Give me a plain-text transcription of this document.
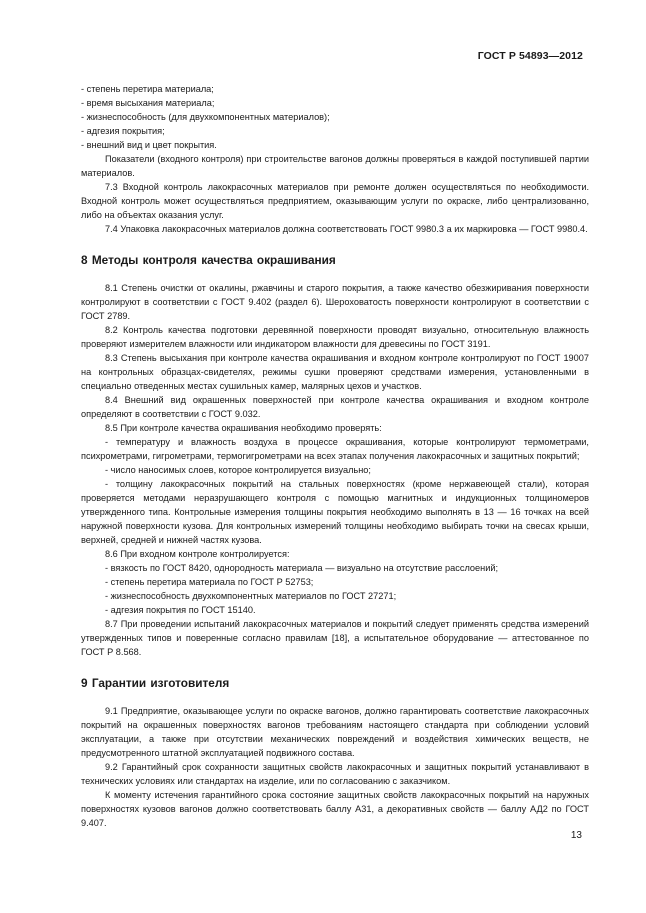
ГОСТ Р 54893—2012

- степень перетира материала;

- время высыхания материала;

- жизнеспособность (для двухкомпонентных материалов);

- адгезия покрытия;

- внешний вид и цвет покрытия.

Показатели (входного контроля) при строительстве вагонов должны проверяться в каждой поступившей партии материалов.

7.3 Входной контроль лакокрасочных материалов при ремонте должен осуществляться по необходимости. Входной контроль может осуществляться предприятием, оказывающим услуги по окраске, либо централизованно, либо на объектах оказания услуг.

7.4 Упаковка лакокрасочных материалов должна соответствовать ГОСТ 9980.3 а их маркировка — ГОСТ 9980.4.

8 Методы контроля качества окрашивания

8.1 Степень очистки от окалины, ржавчины и старого покрытия, а также качество обезжиривания поверхности контролируют в соответствии с ГОСТ 9.402 (раздел 6). Шероховатость поверхности контролируют в соответствии с ГОСТ 2789.

8.2 Контроль качества подготовки деревянной поверхности проводят визуально, относительную влажность проверяют измерителем влажности или индикатором влажности для древесины по ГОСТ 3191.

8.3 Степень высыхания при контроле качества окрашивания и входном контроле контролируют по ГОСТ 19007 на контрольных образцах-свидетелях, режимы сушки проверяют средствами измерения, установленными в специально отведенных местах сушильных камер, малярных цехов и участков.

8.4 Внешний вид окрашенных поверхностей при контроле качества окрашивания и входном контроле определяют в соответствии с ГОСТ 9.032.

8.5 При контроле качества окрашивания необходимо проверять:

- температуру и влажность воздуха в процессе окрашивания, которые контролируют термометрами, психрометрами, гигрометрами, термогигрометрами на всех этапах получения лакокрасочных и защитных покрытий;

- число наносимых слоев, которое контролируется визуально;

- толщину лакокрасочных покрытий на стальных поверхностях (кроме нержавеющей стали), которая проверяется методами неразрушающего контроля с помощью магнитных и индукционных толщиномеров утвержденного типа. Контрольные измерения толщины покрытия необходимо выполнять в 13 — 16 точках на всей наружной поверхности кузова. Для контрольных измерений толщины необходимо выбирать точки на свесах крыши, верхней, средней и нижней частях кузова.

8.6 При входном контроле контролируется:

- вязкость по ГОСТ 8420, однородность материала — визуально на отсутствие расслоений;

- степень перетира материала по ГОСТ Р 52753;

- жизнеспособность двухкомпонентных материалов по ГОСТ 27271;

- адгезия покрытия по ГОСТ 15140.

8.7 При проведении испытаний лакокрасочных материалов и покрытий следует применять средства измерений утвержденных типов и поверенные согласно правилам [18], а испытательное оборудование — аттестованное по ГОСТ Р 8.568.

9 Гарантии изготовителя

9.1 Предприятие, оказывающее услуги по окраске вагонов, должно гарантировать соответствие лакокрасочных покрытий на окрашенных поверхностях вагонов требованиям настоящего стандарта при соблюдении условий эксплуатации, а также при отсутствии механических повреждений и воздействия химических веществ, не предусмотренного штатной эксплуатацией подвижного состава.

9.2 Гарантийный срок сохранности защитных свойств лакокрасочных и защитных покрытий устанавливают в технических условиях или стандартах на изделие, или по согласованию с заказчиком.

К моменту истечения гарантийного срока состояние защитных свойств лакокрасочных покрытий на наружных поверхностях кузовов вагонов должно соответствовать баллу А31, а декоративных свойств — баллу АД2 по ГОСТ 9.407.

13
